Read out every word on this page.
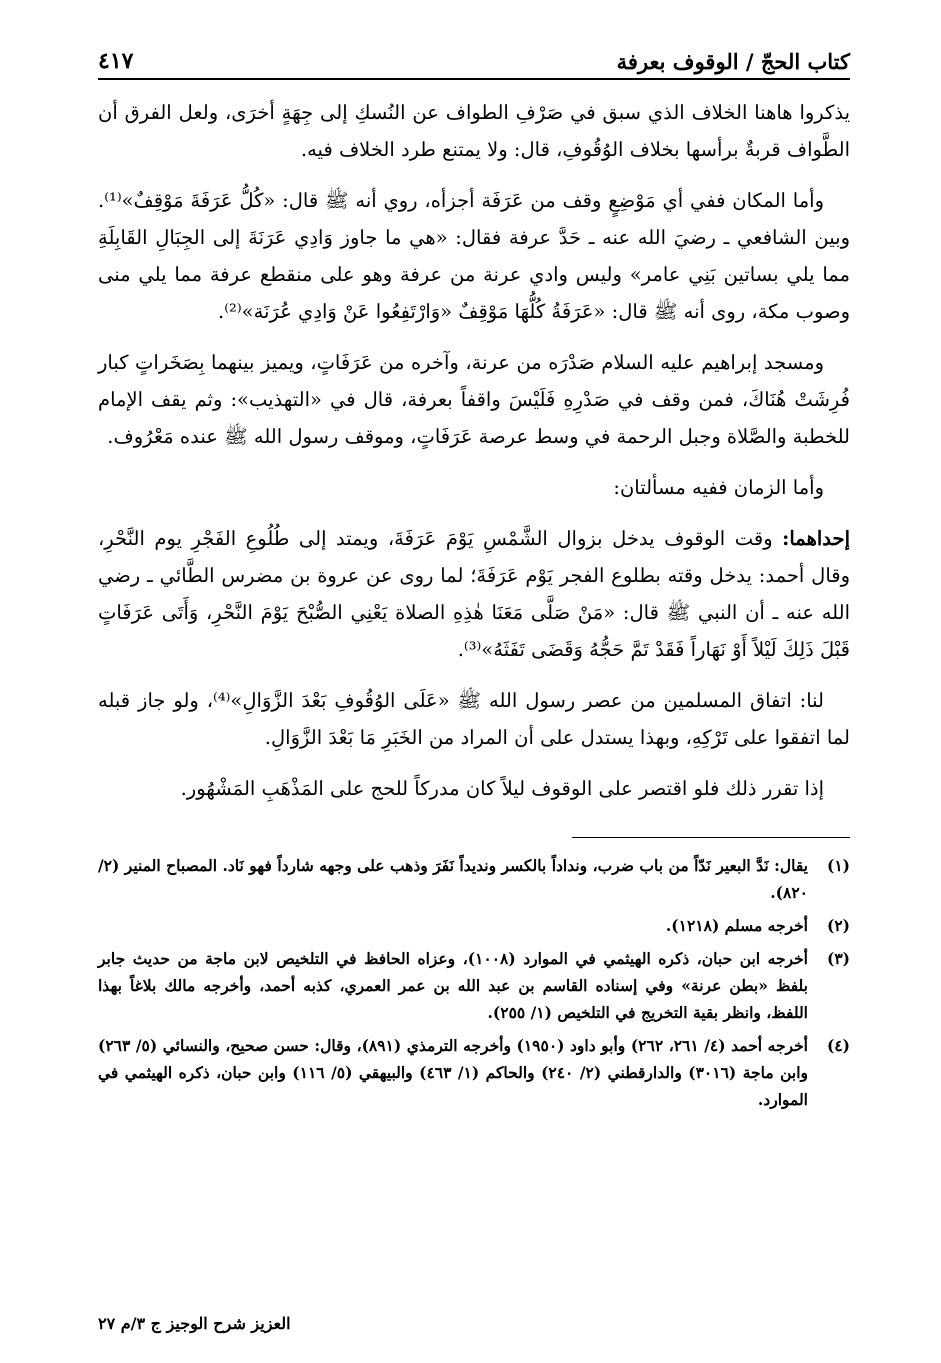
كتاب الحجّ / الوقوف بعرفة
٤١٧

يذكروا هاهنا الخلاف الذي سبق في صَرْفِ الطواف عن النُسكِ إلى جِهَةٍ أخرَى، ولعل الفرق أن الطَّواف قربةٌ برأسها بخلاف الوُقُوفِ، قال: ولا يمتنع طرد الخلاف فيه.

وأما المكان ففي أي مَوْضِعٍ وقف من عَرَفَة أجزأه، روي أنه ﷺ قال: «كُلُّ عَرَفَةَ مَوْقِفٌ»⁽¹⁾. وبين الشافعي ـ رضيَ الله عنه ـ حَدَّ عرفة فقال: «هي ما جاوز وَادِي عَرَنَةَ إلى الجِبَالِ القَابِلَةِ مما يلي بساتين بَنِي عامر» وليس وادي عرنة من عرفة وهو على منقطع عرفة مما يلي منى وصوب مكة، روى أنه ﷺ قال: «عَرَفَةُ كُلُّهَا مَوْقِفٌ «وَارْتَفِعُوا عَنْ وَادِي عُرَنَة»⁽²⁾.

ومسجد إبراهيم عليه السلام صَدْرَه من عرنة، وآخره من عَرَفَاتٍ، ويميز بينهما بِصَخَراتٍ كبار فُرِشَتْ هُنَاكَ، فمن وقف في صَدْرِهِ فَلَيْسَ واقفاً بعرفة، قال في «التهذيب»: وثم يقف الإمام للخطبة والصَّلاة وجبل الرحمة في وسط عرصة عَرَفَاتٍ، وموقف رسول الله ﷺ عنده مَعْرُوف.

وأما الزمان ففيه مسألتان:

إحداهما: وقت الوقوف يدخل بزوال الشَّمْسِ يَوْمَ عَرَفَةَ، ويمتد إلى طُلُوعِ الفَجْرِ يوم النَّحْرِ، وقال أحمد: يدخل وقته بطلوع الفجر يَوْم عَرَفَةَ؛ لما روى عن عروة بن مضرس الطَّائي ـ رضي الله عنه ـ أن النبي ﷺ قال: «مَنْ صَلَّى مَعَنَا هٰذِهِ الصلاة يَعْنِي الصُّبْحَ يَوْمَ النَّحْرِ، وَأَتَى عَرَفَاتٍ قَبْلَ ذَلِكَ لَيْلاً أَوْ نَهَاراً فَقَدْ تَمَّ حَجُّهُ وَقَضَى تَفَثَهُ»⁽³⁾.

لنا: اتفاق المسلمين من عصر رسول الله ﷺ «عَلَى الوُقُوفِ بَعْدَ الزَّوَالِ»⁽⁴⁾، ولو جاز قبله لما اتفقوا على تَرْكِهِ، وبهذا يستدل على أن المراد من الخَبَرِ مَا بَعْدَ الزَّوَالِ.

إذا تقرر ذلك فلو اقتصر على الوقوف ليلاً كان مدركاً للحج على المَذْهَبِ المَشْهُور.

(١)
يقال: نَدَّ البعير نَدّاً من باب ضرب، ونداداً بالكسر ونديداً نَفَرَ وذهب على وجهه شارداً فهو نَاد. المصباح المنير (٢/ ٨٢٠).
(٢)
أخرجه مسلم (١٢١٨).
(٣)
أخرجه ابن حبان، ذكره الهيثمي في الموارد (١٠٠٨)، وعزاه الحافظ في التلخيص لابن ماجة من حديث جابر بلفظ «بطن عرنة» وفي إسناده القاسم بن عبد الله بن عمر العمري، كذبه أحمد، وأخرجه مالك بلاغاً بهذا اللفظ، وانظر بقية التخريج في التلخيص (١/ ٢٥٥).
(٤)
أخرجه أحمد (٤/ ٢٦١، ٢٦٢) وأبو داود (١٩٥٠) وأخرجه الترمذي (٨٩١)، وقال: حسن صحيح، والنسائي (٥/ ٢٦٣) وابن ماجة (٣٠١٦) والدارقطني (٢/ ٢٤٠) والحاكم (١/ ٤٦٣) والبيهقي (٥/ ١١٦) وابن حبان، ذكره الهيثمي في الموارد.
العزيز شرح الوجيز ج ٣/م ٢٧
